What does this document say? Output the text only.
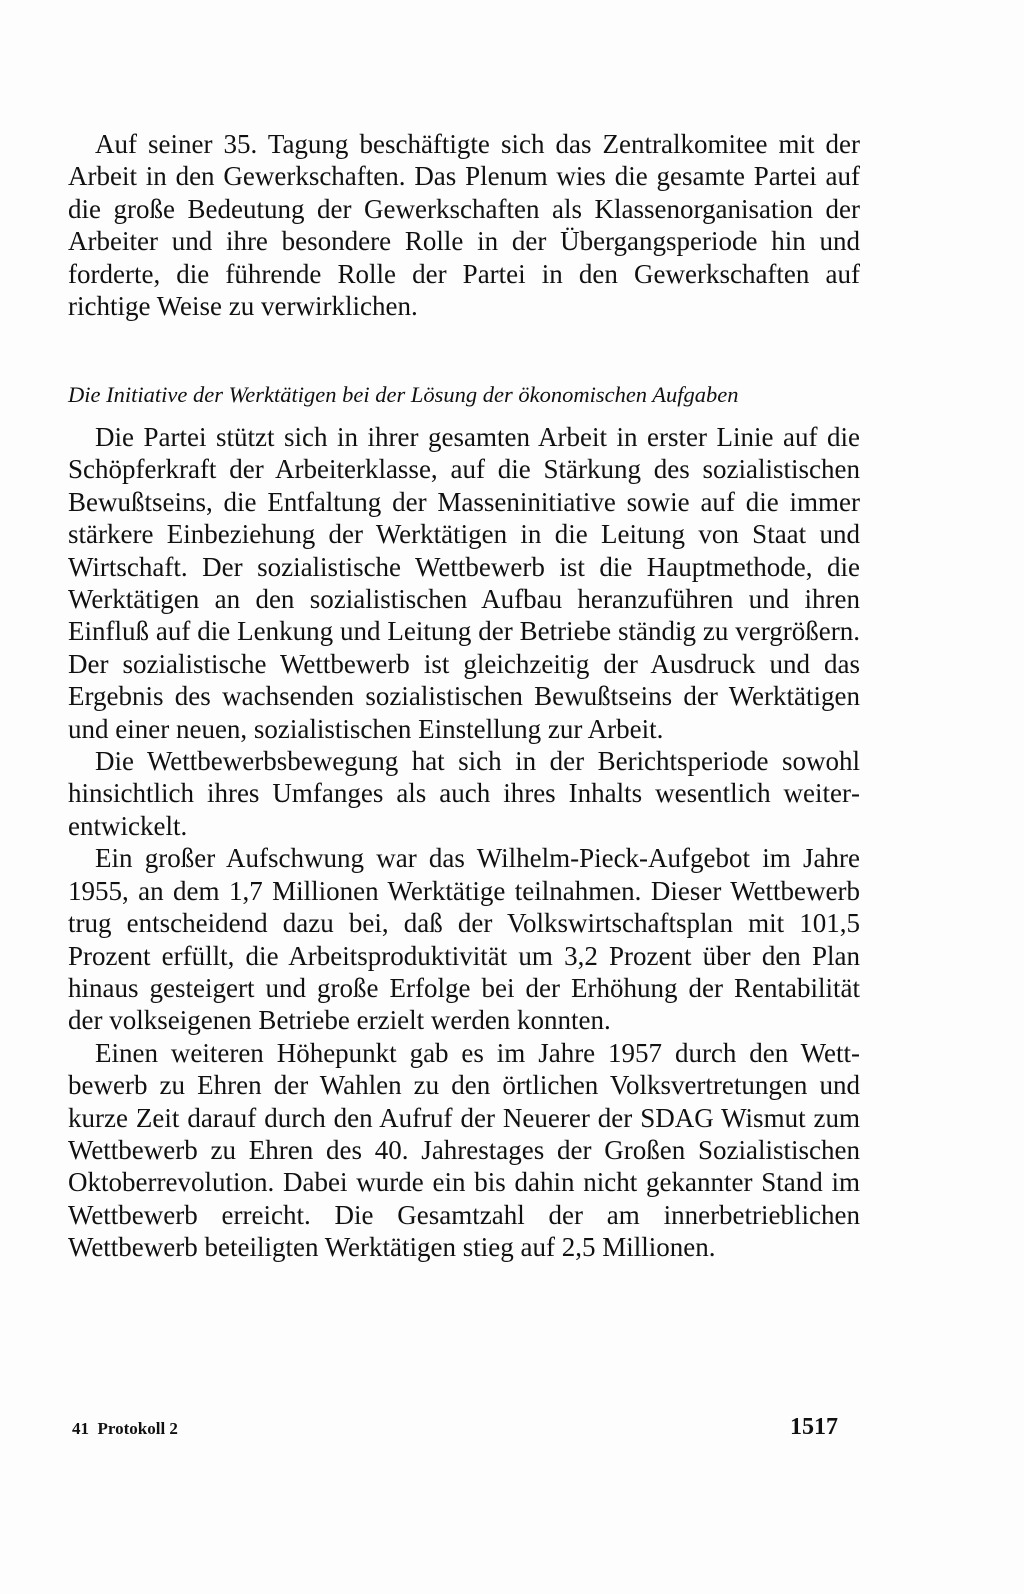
Auf seiner 35. Tagung beschäftigte sich das Zentralkomitee mit der Arbeit in den Gewerkschaften. Das Plenum wies die gesamte Partei auf die große Bedeutung der Gewerkschaften als Klassenorganisation der Arbeiter und ihre besondere Rolle in der Übergangsperiode hin und forderte, die führende Rolle der Partei in den Gewerkschaften auf richtige Weise zu verwirklichen.

Die Initiative der Werktätigen bei der Lösung der ökonomischen Aufgaben

Die Partei stützt sich in ihrer gesamten Arbeit in erster Linie auf die Schöpferkraft der Arbeiterklasse, auf die Stärkung des sozialistischen Bewußtseins, die Entfaltung der Masseninitiative sowie auf die immer stärkere Einbeziehung der Werktätigen in die Leitung von Staat und Wirtschaft. Der sozialistische Wettbewerb ist die Hauptmethode, die Werktätigen an den sozialistischen Aufbau heranzuführen und ihren Einfluß auf die Lenkung und Leitung der Betriebe ständig zu vergrößern. Der sozialistische Wettbewerb ist gleichzeitig der Ausdruck und das Ergebnis des wachsenden sozialistischen Bewußtseins der Werktätigen und einer neuen, sozialistischen Einstellung zur Arbeit.

Die Wettbewerbsbewegung hat sich in der Berichtsperiode sowohl hinsichtlich ihres Umfanges als auch ihres Inhalts wesentlich weiterentwickelt.

Ein großer Aufschwung war das Wilhelm-Pieck-Aufgebot im Jahre 1955, an dem 1,7 Millionen Werktätige teilnahmen. Dieser Wettbewerb trug entscheidend dazu bei, daß der Volkswirtschaftsplan mit 101,5 Prozent erfüllt, die Arbeitsproduktivität um 3,2 Prozent über den Plan hinaus gesteigert und große Erfolge bei der Erhöhung der Rentabilität der volkseigenen Betriebe erzielt werden konnten.

Einen weiteren Höhepunkt gab es im Jahre 1957 durch den Wettbewerb zu Ehren der Wahlen zu den örtlichen Volksvertretungen und kurze Zeit darauf durch den Aufruf der Neuerer der SDAG Wismut zum Wettbewerb zu Ehren des 40. Jahrestages der Großen Sozialistischen Oktoberrevolution. Dabei wurde ein bis dahin nicht gekannter Stand im Wettbewerb erreicht. Die Gesamtzahl der am innerbetrieblichen Wettbewerb beteiligten Werktätigen stieg auf 2,5 Millionen.

41  Protokoll 2	1517
